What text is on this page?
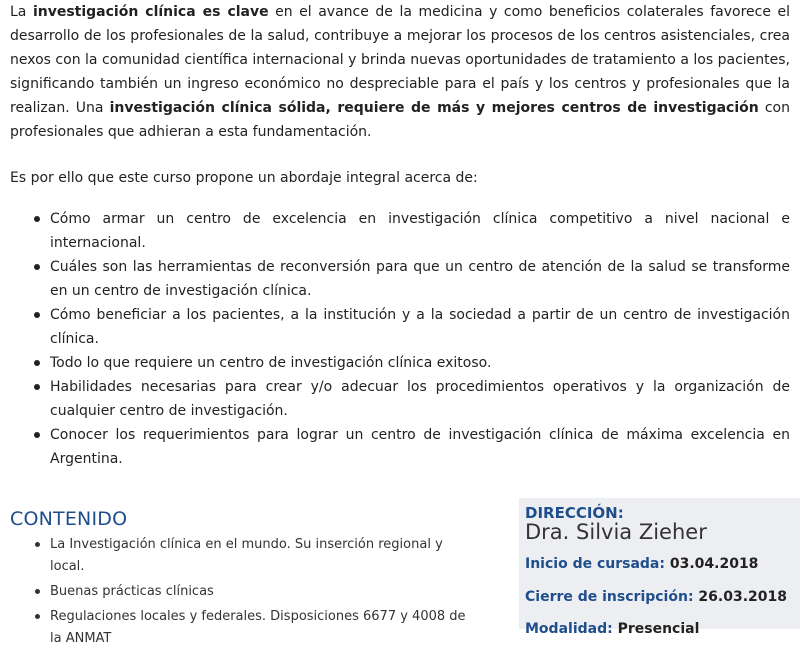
La investigación clínica es clave en el avance de la medicina y como beneficios colaterales favorece el desarrollo de los profesionales de la salud, contribuye a mejorar los procesos de los centros asistenciales, crea nexos con la comunidad científica internacional y brinda nuevas oportunidades de tratamiento a los pacientes, significando también un ingreso económico no despreciable para el país y los centros y profesionales que la realizan. Una investigación clínica sólida, requiere de más y mejores centros de investigación con profesionales que adhieran a esta fundamentación.

Es por ello que este curso propone un abordaje integral acerca de:

Cómo armar un centro de excelencia en investigación clínica competitivo a nivel nacional e internacional.
Cuáles son las herramientas de reconversión para que un centro de atención de la salud se transforme en un centro de investigación clínica.
Cómo beneficiar a los pacientes, a la institución y a la sociedad a partir de un centro de investigación clínica.
Todo lo que requiere un centro de investigación clínica exitoso.
Habilidades necesarias para crear y/o adecuar los procedimientos operativos y la organización de cualquier centro de investigación.
Conocer los requerimientos para lograr un centro de investigación clínica de máxima excelencia en Argentina.
CONTENIDO
La Investigación clínica en el mundo. Su inserción regional y local.
Buenas prácticas clínicas
Regulaciones locales y federales. Disposiciones 6677 y 4008 de la ANMAT

DIRECCIÓN:

Dra. Silvia Zieher

Inicio de cursada: 03.04.2018

Cierre de inscripción: 26.03.2018

Modalidad: Presencial
